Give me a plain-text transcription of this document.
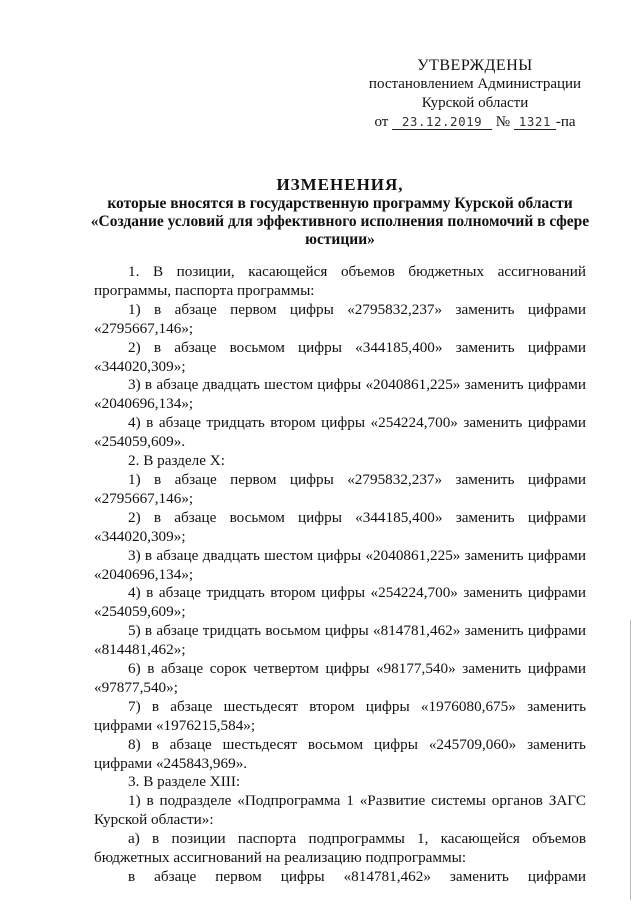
УТВЕРЖДЕНЫ
постановлением Администрации
Курской области
от 23.12.2019 № 1321 -па
ИЗМЕНЕНИЯ,
которые вносятся в государственную программу Курской области
«Создание условий для эффективного исполнения полномочий в сфере юстиции»

1. В позиции, касающейся объемов бюджетных ассигнований программы, паспорта программы:

1) в абзаце первом цифры «2795832,237» заменить цифрами «2795667,146»;

2) в абзаце восьмом цифры «344185,400» заменить цифрами «344020,309»;

3) в абзаце двадцать шестом цифры «2040861,225» заменить цифрами «2040696,134»;

4) в абзаце тридцать втором цифры «254224,700» заменить цифрами «254059,609».

2. В разделе X:

1) в абзаце первом цифры «2795832,237» заменить цифрами «2795667,146»;

2) в абзаце восьмом цифры «344185,400» заменить цифрами «344020,309»;

3) в абзаце двадцать шестом цифры «2040861,225» заменить цифрами «2040696,134»;

4) в абзаце тридцать втором цифры «254224,700» заменить цифрами «254059,609»;

5) в абзаце тридцать восьмом цифры «814781,462» заменить цифрами «814481,462»;

6) в абзаце сорок четвертом цифры «98177,540» заменить цифрами «97877,540»;

7) в абзаце шестьдесят втором цифры «1976080,675» заменить цифрами «1976215,584»;

8) в абзаце шестьдесят восьмом цифры «245709,060» заменить цифрами «245843,969».

3. В разделе XIII:

1) в подразделе «Подпрограмма 1 «Развитие системы органов ЗАГС Курской области»:

а) в позиции паспорта подпрограммы 1, касающейся объемов бюджетных ассигнований на реализацию подпрограммы:

в абзаце первом цифры «814781,462» заменить цифрами
